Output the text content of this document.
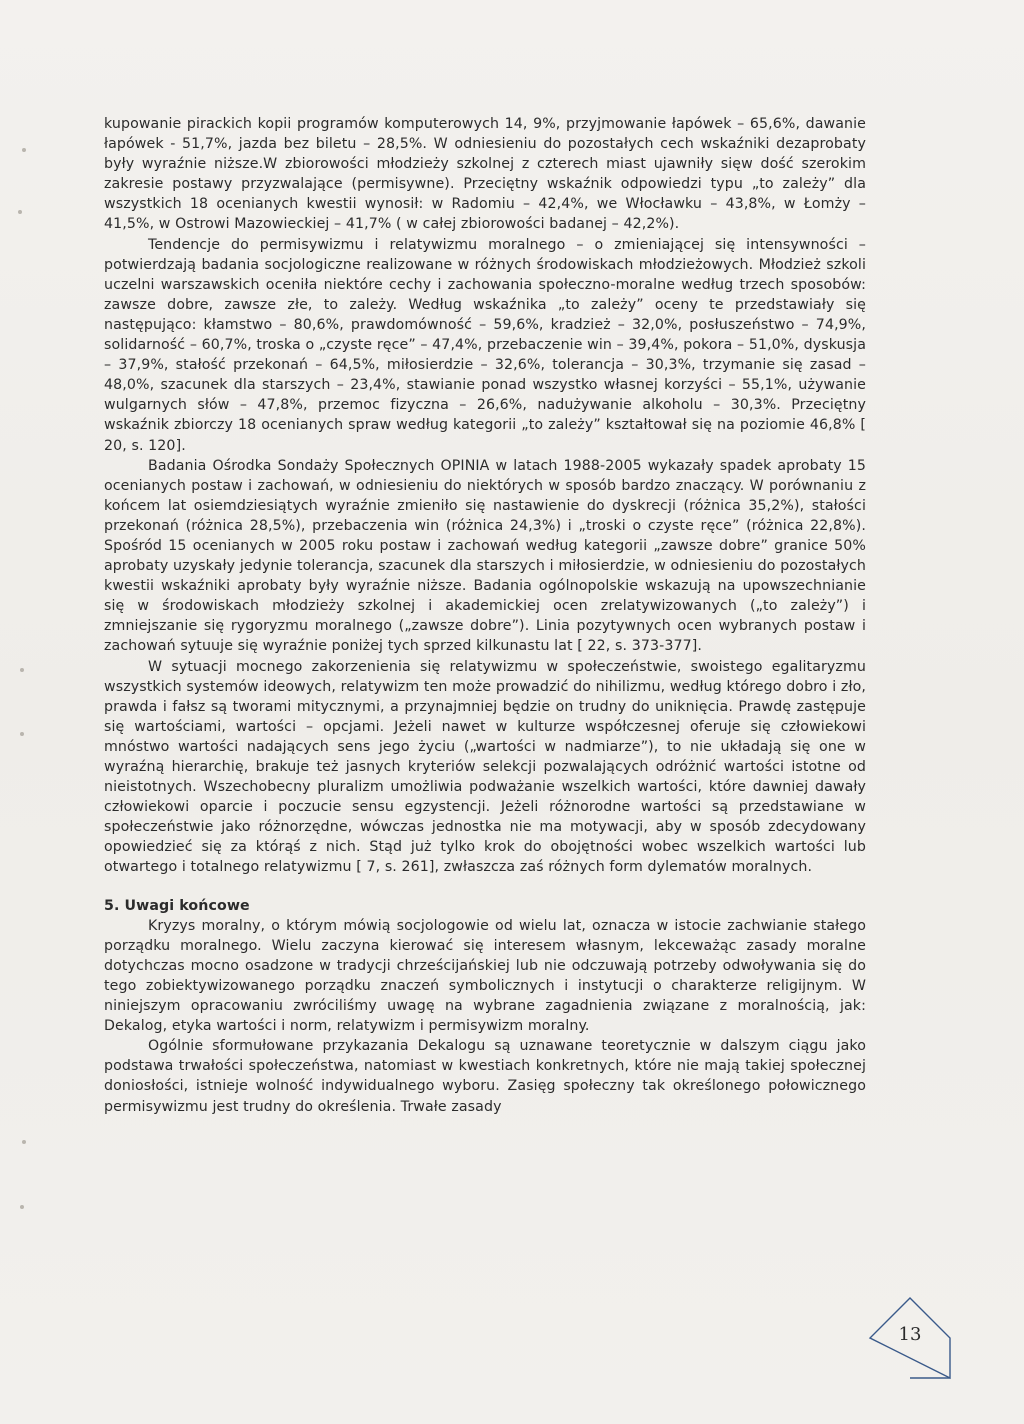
kupowanie pirackich kopii programów komputerowych 14, 9%, przyjmowanie łapówek – 65,6%, dawanie łapówek - 51,7%, jazda bez biletu – 28,5%. W odniesieniu do pozostałych cech wskaźniki dezaprobaty były wyraźnie niższe.W zbiorowości młodzieży szkolnej z czterech miast ujawniły sięw dość szerokim zakresie postawy przyzwalające (permisywne). Przeciętny wskaźnik odpowiedzi typu „to zależy” dla wszystkich 18 ocenianych kwestii wynosił: w Radomiu – 42,4%, we Włocławku – 43,8%, w Łomży – 41,5%, w Ostrowi Mazowieckiej – 41,7% ( w całej zbiorowości badanej – 42,2%).

Tendencje do permisywizmu i relatywizmu moralnego – o zmieniającej się intensywności – potwierdzają badania socjologiczne realizowane w różnych środowiskach młodzieżowych. Młodzież szkoli uczelni warszawskich oceniła niektóre cechy i zachowania społeczno-moralne według trzech sposobów: zawsze dobre, zawsze złe, to zależy. Według wskaźnika „to zależy” oceny te przedstawiały się następująco: kłamstwo – 80,6%, prawdomówność – 59,6%, kradzież – 32,0%, posłuszeństwo – 74,9%, solidarność – 60,7%, troska o „czyste ręce” – 47,4%, przebaczenie win – 39,4%, pokora – 51,0%, dyskusja – 37,9%, stałość przekonań – 64,5%, miłosierdzie – 32,6%, tolerancja – 30,3%, trzymanie się zasad – 48,0%, szacunek dla starszych – 23,4%, stawianie ponad wszystko własnej korzyści – 55,1%, używanie wulgarnych słów – 47,8%, przemoc fizyczna – 26,6%, nadużywanie alkoholu – 30,3%. Przeciętny wskaźnik zbiorczy 18 ocenianych spraw według kategorii „to zależy” kształtował się na poziomie 46,8% [ 20, s. 120].

Badania Ośrodka Sondaży Społecznych OPINIA w latach 1988-2005 wykazały spadek aprobaty 15 ocenianych postaw i zachowań, w odniesieniu do niektórych w sposób bardzo znaczący. W porównaniu z końcem lat osiemdziesiątych wyraźnie zmieniło się nastawienie do dyskrecji (różnica 35,2%), stałości przekonań (różnica 28,5%), przebaczenia win (różnica 24,3%) i „troski o czyste ręce” (różnica 22,8%). Spośród 15 ocenianych w 2005 roku postaw i zachowań według kategorii „zawsze dobre” granice 50% aprobaty uzyskały jedynie tolerancja, szacunek dla starszych i miłosierdzie, w odniesieniu do pozostałych kwestii wskaźniki aprobaty były wyraźnie niższe. Badania ogólnopolskie wskazują na upowszechnianie się w środowiskach młodzieży szkolnej i akademickiej ocen zrelatywizowanych („to zależy”) i zmniejszanie się rygoryzmu moralnego („zawsze dobre”). Linia pozytywnych ocen wybranych postaw i zachowań sytuuje się wyraźnie poniżej tych sprzed kilkunastu lat [ 22, s. 373-377].

W sytuacji mocnego zakorzenienia się relatywizmu w społeczeństwie, swoistego egalitaryzmu wszystkich systemów ideowych, relatywizm ten może prowadzić do nihilizmu, według którego dobro i zło, prawda i fałsz są tworami mitycznymi, a przynajmniej będzie on trudny do uniknięcia. Prawdę zastępuje się wartościami, wartości – opcjami. Jeżeli nawet w kulturze współczesnej oferuje się człowiekowi mnóstwo wartości nadających sens jego życiu („wartości w nadmiarze”), to nie układają się one w wyraźną hierarchię, brakuje też jasnych kryteriów selekcji pozwalających odróżnić wartości istotne od nieistotnych. Wszechobecny pluralizm umożliwia podważanie wszelkich wartości, które dawniej dawały człowiekowi oparcie i poczucie sensu egzystencji. Jeżeli różnorodne wartości są przedstawiane w społeczeństwie jako różnorzędne, wówczas jednostka nie ma motywacji, aby w sposób zdecydowany opowiedzieć się za którąś z nich. Stąd już tylko krok do obojętności wobec wszelkich wartości lub otwartego i totalnego relatywizmu [ 7, s. 261], zwłaszcza zaś różnych form dylematów moralnych.

5. Uwagi końcowe

Kryzys moralny, o którym mówią socjologowie od wielu lat, oznacza w istocie zachwianie stałego porządku moralnego. Wielu zaczyna kierować się interesem własnym, lekceważąc zasady moralne dotychczas mocno osadzone w tradycji chrześcijańskiej lub nie odczuwają potrzeby odwoływania się do tego zobiektywizowanego porządku znaczeń symbolicznych i instytucji o charakterze religijnym. W niniejszym opracowaniu zwróciliśmy uwagę na wybrane zagadnienia związane z moralnością, jak: Dekalog, etyka wartości i norm, relatywizm i permisywizm moralny.

Ogólnie sformułowane przykazania Dekalogu są uznawane teoretycznie w dalszym ciągu jako podstawa trwałości społeczeństwa, natomiast w kwestiach konkretnych, które nie mają takiej społecznej doniosłości, istnieje wolność indywidualnego wyboru. Zasięg społeczny tak określonego połowicznego permisywizmu jest trudny do określenia. Trwałe zasady

13
